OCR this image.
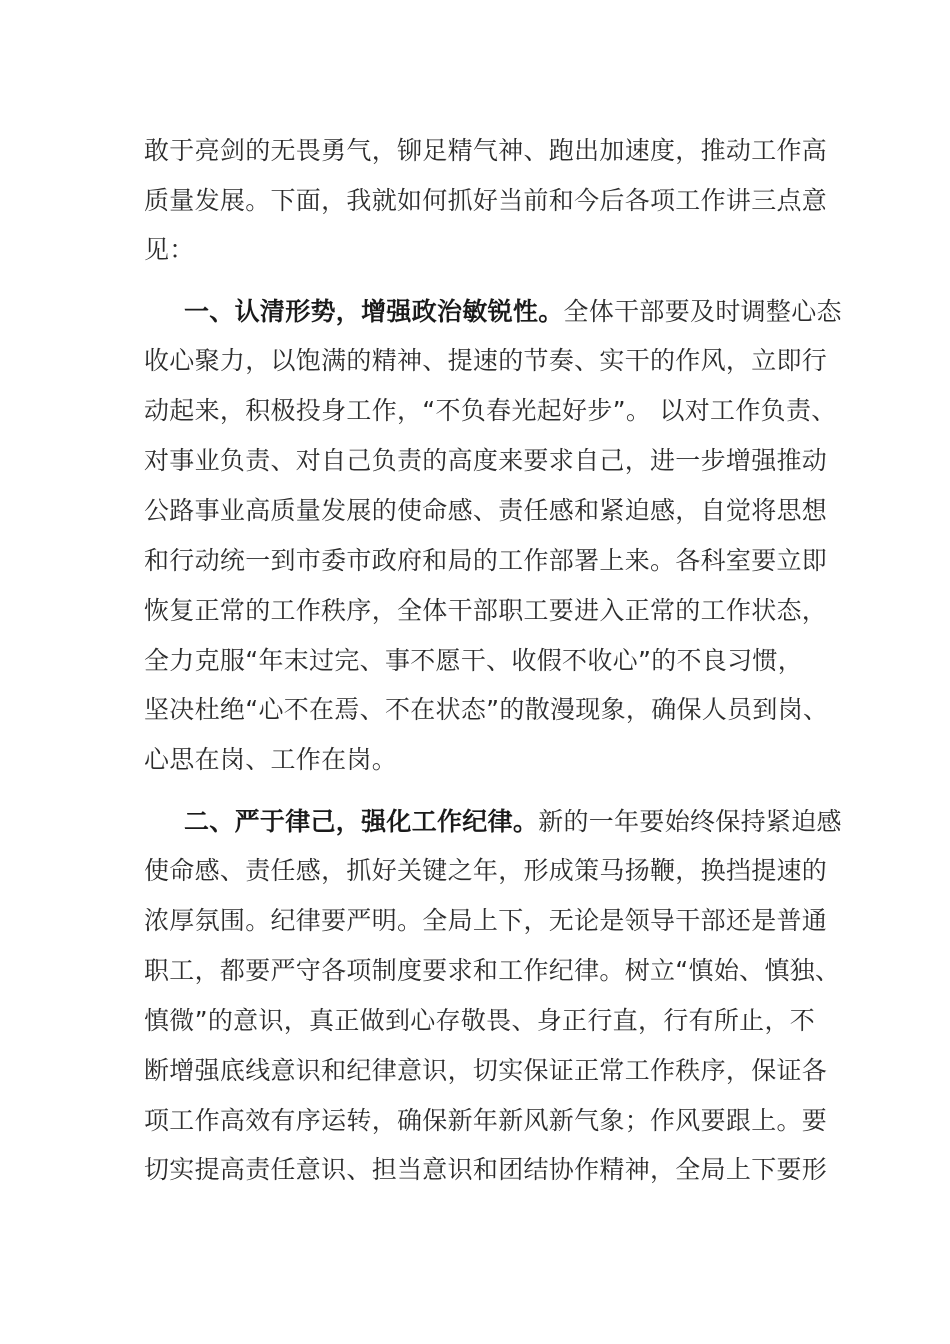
敢于亮剑的无畏勇气，铆足精气神、跑出加速度，推动工作高
质量发展。下面，我就如何抓好当前和今后各项工作讲三点意
见：
一、认清形势，增强政治敏锐性。全体干部要及时调整心态
收心聚力，以饱满的精神、提速的节奏、实干的作风，立即行
动起来，积极投身工作，“不负春光起好步”。 以对工作负责、
对事业负责、对自己负责的高度来要求自己，进一步增强推动
公路事业高质量发展的使命感、责任感和紧迫感，自觉将思想
和行动统一到市委市政府和局的工作部署上来。各科室要立即
恢复正常的工作秩序，全体干部职工要进入正常的工作状态，
全力克服“年末过完、事不愿干、收假不收心”的不良习惯，
坚决杜绝“心不在焉、不在状态”的散漫现象，确保人员到岗、
心思在岗、工作在岗。
二、严于律己，强化工作纪律。新的一年要始终保持紧迫感
使命感、责任感，抓好关键之年，形成策马扬鞭，换挡提速的
浓厚氛围。纪律要严明。全局上下，无论是领导干部还是普通
职工，都要严守各项制度要求和工作纪律。树立“慎始、慎独、
慎微”的意识，真正做到心存敬畏、身正行直，行有所止，不
断增强底线意识和纪律意识，切实保证正常工作秩序，保证各
项工作高效有序运转，确保新年新风新气象；作风要跟上。要
切实提高责任意识、担当意识和团结协作精神，全局上下要形
